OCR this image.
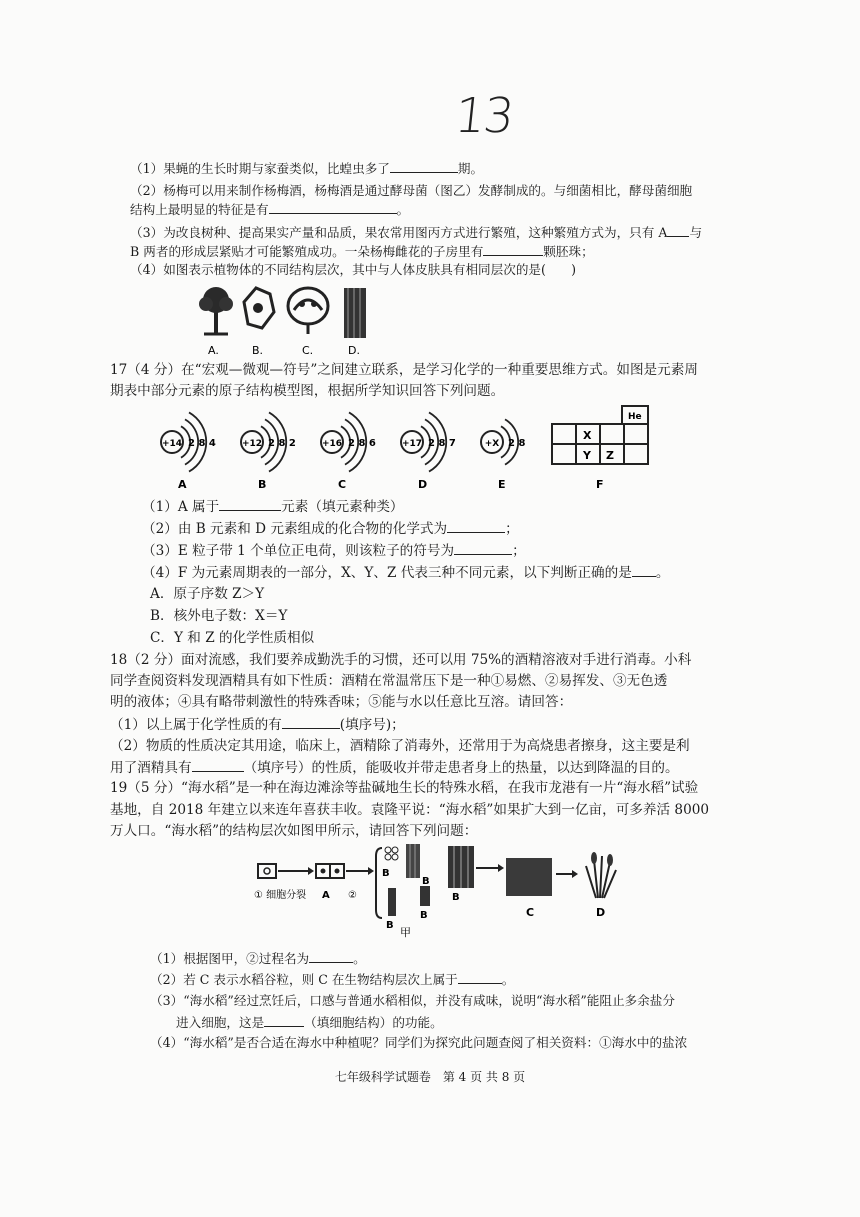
13
（1）果蝇的生长时期与家蚕类似，比蝗虫多了	期。
（2）杨梅可以用来制作杨梅酒，杨梅酒是通过酵母菌（图乙）发酵制成的。与细菌相比，酵母菌细胞
结构上最明显的特征是有	。
（3）为改良树种、提高果实产量和品质，果农常用图丙方式进行繁殖，这种繁殖方式为，只有 A 与
B 两者的形成层紧贴才可能繁殖成功。一朵杨梅雌花的子房里有	颗胚珠；
（4）如图表示植物体的不同结构层次，其中与人体皮肤具有相同层次的是(　　)
A.	B.	C.	D.
17（4 分）在“宏观—微观—符号”之间建立联系，是学习化学的一种重要思维方式。如图是元素周
期表中部分元素的原子结构模型图，根据所学知识回答下列问题。
+14 2 8 4
A
+12 2 8 2
B
+16 2 8 6
C
+17 2 8 7
D
+X 2 8
E
He
X
Y Z
F
（1）A 属于	元素（填元素种类）
（2）由 B 元素和 D 元素组成的化合物的化学式为	；
（3）E 粒子带 1 个单位正电荷，则该粒子的符号为	；
（4）F 为元素周期表的一部分，X、Y、Z 代表三种不同元素，以下判断正确的是 。
A．原子序数 Z＞Y
B．核外电子数：X＝Y
C．Y 和 Z 的化学性质相似
18（2 分）面对流感，我们要养成勤洗手的习惯，还可以用 75%的酒精溶液对手进行消毒。小科
同学查阅资料发现酒精具有如下性质：酒精在常温常压下是一种①易燃、②易挥发、③无色透
明的液体；④具有略带刺激性的特殊香味；⑤能与水以任意比互溶。请回答：
（1）以上属于化学性质的有	(填序号)；
（2）物质的性质决定其用途，临床上，酒精除了消毒外，还常用于为高烧患者擦身，这主要是利
用了酒精具有	（填序号）的性质，能吸收并带走患者身上的热量，以达到降温的目的。
19（5 分）“海水稻”是一种在海边滩涂等盐碱地生长的特殊水稻，在我市龙港有一片“海水稻”试验
基地，自 2018 年建立以来连年喜获丰收。袁隆平说：“海水稻”如果扩大到一亿亩，可多养活 8000
万人口。“海水稻”的结构层次如图甲所示，请回答下列问题：
B
B
B
B
B
甲
① 细胞分裂 A ②
C	D
（1）根据图甲，②过程名为	。
（2）若 C 表示水稻谷粒，则 C 在生物结构层次上属于	。
（3）“海水稻”经过烹饪后，口感与普通水稻相似，并没有咸味，说明“海水稻”能阻止多余盐分
进入细胞，这是	（填细胞结构）的功能。
（4）“海水稻”是否合适在海水中种植呢？同学们为探究此问题查阅了相关资料：①海水中的盐浓
七年级科学试题卷　第 4 页 共 8 页
